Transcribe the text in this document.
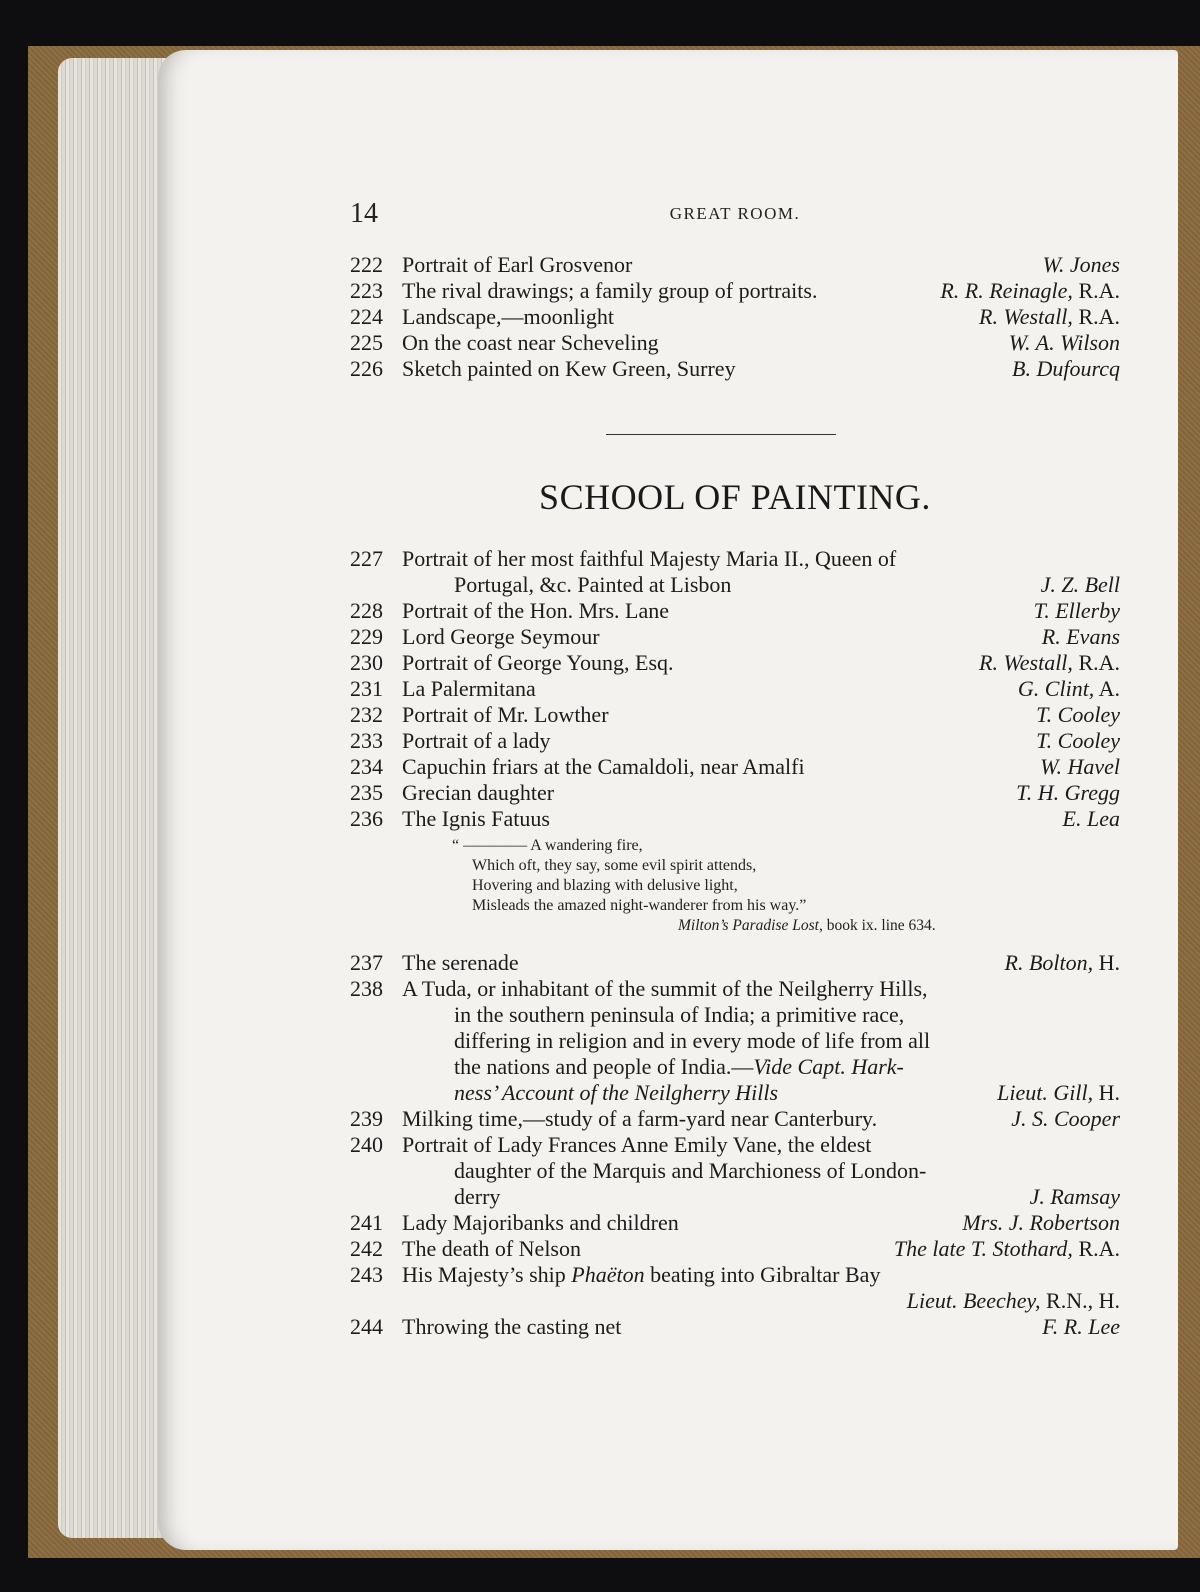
14	GREAT ROOM.
222 Portrait of Earl Grosvenor	W. Jones
223 The rival drawings; a family group of portraits.	R. R. Reinagle, R.A.
224 Landscape,—moonlight	R. Westall, R.A.
225 On the coast near Scheveling	W. A. Wilson
226 Sketch painted on Kew Green, Surrey	B. Dufourcq
SCHOOL OF PAINTING.
227 Portrait of her most faithful Majesty Maria II., Queen of
Portugal, &c. Painted at Lisbon	J. Z. Bell
228 Portrait of the Hon. Mrs. Lane	T. Ellerby
229 Lord George Seymour	R. Evans
230 Portrait of George Young, Esq.	R. Westall, R.A.
231 La Palermitana	G. Clint, A.
232 Portrait of Mr. Lowther	T. Cooley
233 Portrait of a lady	T. Cooley
234 Capuchin friars at the Camaldoli, near Amalfi	W. Havel
235 Grecian daughter	T. H. Gregg
236 The Ignis Fatuus	E. Lea
“ ———— A wandering fire,
Which oft, they say, some evil spirit attends,
Hovering and blazing with delusive light,
Misleads the amazed night-wanderer from his way.”
Milton’s Paradise Lost, book ix. line 634.
237 The serenade	R. Bolton, H.
238 A Tuda, or inhabitant of the summit of the Neilgherry Hills,
in the southern peninsula of India; a primitive race,
differing in religion and in every mode of life from all
the nations and people of India.—Vide Capt. Hark-
ness’ Account of the Neilgherry Hills	Lieut. Gill, H.
239 Milking time,—study of a farm-yard near Canterbury.	J. S. Cooper
240 Portrait of Lady Frances Anne Emily Vane, the eldest
daughter of the Marquis and Marchioness of London-
derry	J. Ramsay
241 Lady Majoribanks and children	Mrs. J. Robertson
242 The death of Nelson	The late T. Stothard, R.A.
243 His Majesty’s ship Phaëton beating into Gibraltar Bay
Lieut. Beechey, R.N., H.
244 Throwing the casting net	F. R. Lee
